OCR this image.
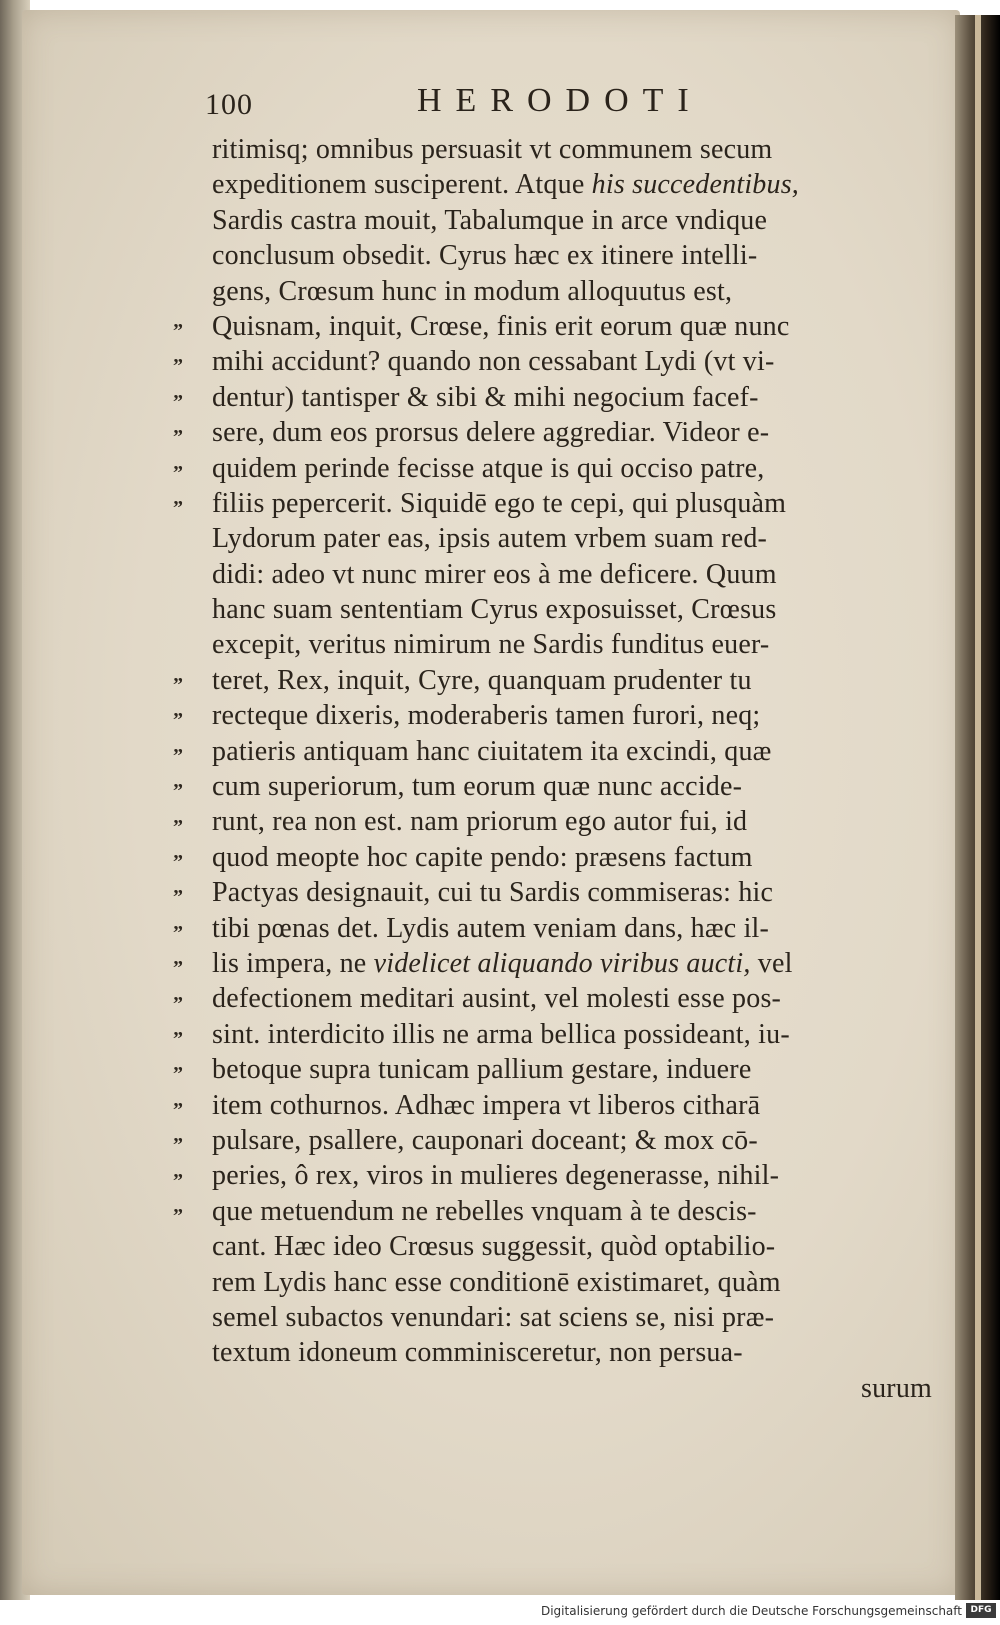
100	HERODOTI
ritimisq; omnibus persuasit vt communem secum
expeditionem susciperent. Atque his succedentibus,
Sardis castra mouit, Tabalumque in arce vndique
conclusum obsedit. Cyrus hæc ex itinere intelli-
gens, Crœsum hunc in modum alloquutus est,
Quisnam, inquit, Crœse, finis erit eorum quæ nunc
mihi accidunt? quando non cessabant Lydi (vt vi-
dentur) tantisper & sibi & mihi negocium facef-
sere, dum eos prorsus delere aggrediar. Videor e-
quidem perinde fecisse atque is qui occiso patre,
filiis pepercerit. Siquidē ego te cepi, qui plusquàm
Lydorum pater eas, ipsis autem vrbem suam red-
didi: adeo vt nunc mirer eos à me deficere. Quum
hanc suam sententiam Cyrus exposuisset, Crœsus
excepit, veritus nimirum ne Sardis funditus euer-
teret, Rex, inquit, Cyre, quanquam prudenter tu
recteque dixeris, moderaberis tamen furori, neq;
patieris antiquam hanc ciuitatem ita excindi, quæ
cum superiorum, tum eorum quæ nunc accide-
runt, rea non est. nam priorum ego autor fui, id
quod meopte hoc capite pendo: præsens factum
Pactyas designauit, cui tu Sardis commiseras: hic
tibi pœnas det. Lydis autem veniam dans, hæc il-
lis impera, ne videlicet aliquando viribus aucti, vel
defectionem meditari ausint, vel molesti esse pos-
sint. interdicito illis ne arma bellica possideant, iu-
betoque supra tunicam pallium gestare, induere
item cothurnos. Adhæc impera vt liberos citharā
pulsare, psallere, cauponari doceant; & mox cō-
peries, ô rex, viros in mulieres degenerasse, nihil-
que metuendum ne rebelles vnquam à te descis-
cant. Hæc ideo Crœsus suggessit, quòd optabilio-
rem Lydis hanc esse conditionē existimaret, quàm
semel subactos venundari: sat sciens se, nisi præ-
textum idoneum comminisceretur, non persua-
surum
”
”
”
”
”
”
”
”
”
”
”
”
”
”
”
”
”
”
”
”
”
”
Digitalisierung gefördert durch die Deutsche Forschungsgemeinschaft DFG
